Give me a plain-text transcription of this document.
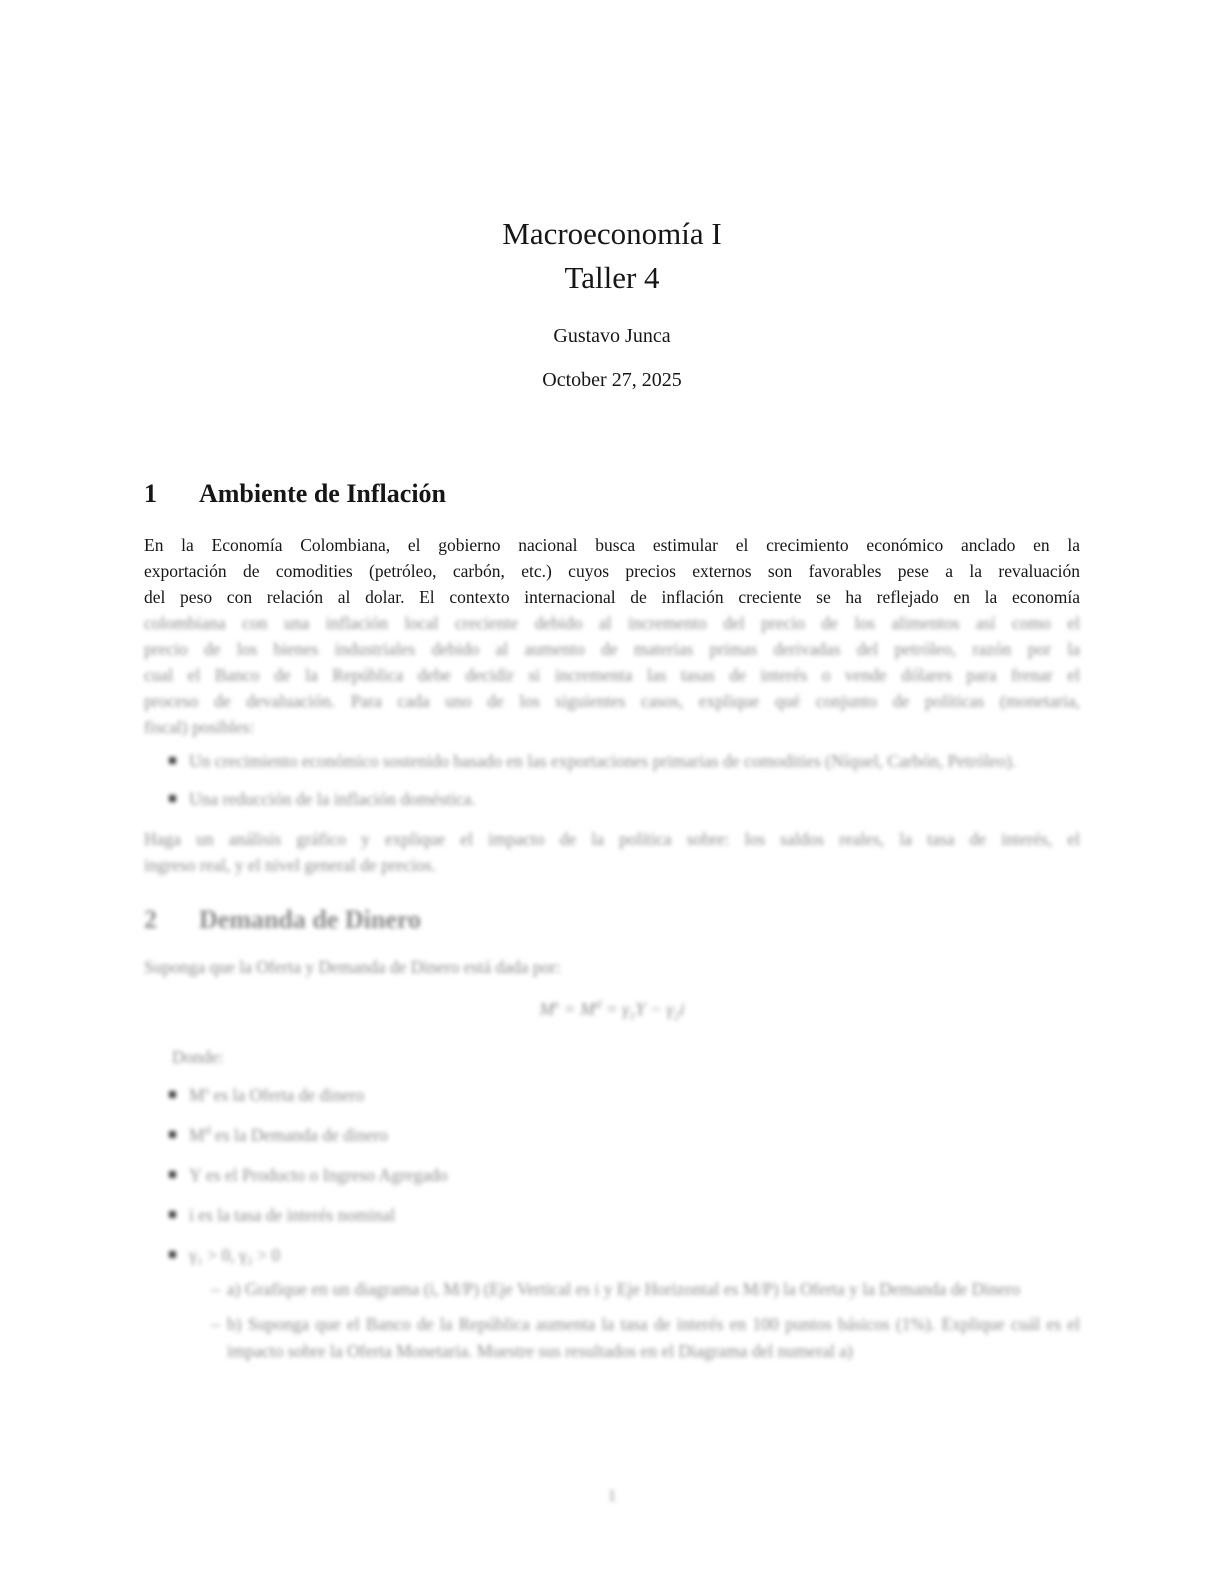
Macroeconomía I
Taller 4
Gustavo Junca
October 27, 2025
1 Ambiente de Inflación
En la Economía Colombiana, el gobierno nacional busca estimular el crecimiento económico anclado en la
exportación de comodities (petróleo, carbón, etc.) cuyos precios externos son favorables pese a la revaluación
del peso con relación al dolar. El contexto internacional de inflación creciente se ha reflejado en la economía
colombiana con una inflación local creciente debido al incremento del precio de los alimentos así como el
precio de los bienes industriales debido al aumento de materias primas derivadas del petróleo, razón por la
cual el Banco de la República debe decidir si incrementa las tasas de interés o vende dólares para frenar el
proceso de devaluación. Para cada uno de los siguientes casos, explique qué conjunto de políticas (monetaria,
fiscal) posibles:
Un crecimiento económico sostenido basado en las exportaciones primarias de comodities (Níquel, Carbón, Petróleo).
Una reducción de la inflación doméstica.
Haga un análisis gráfico y explique el impacto de la política sobre: los saldos reales, la tasa de interés, el
ingreso real, y el nivel general de precios.
2 Demanda de Dinero
Suponga que la Oferta y Demanda de Dinero está dada por:
$M^s = M^d = \gamma_1Y - \gamma_2i$
Donde:
$M^s$ es la Oferta de dinero
$M^d$ es la Demanda de dinero
Y es el Producto o Ingreso Agregado
i es la tasa de interés nominal
γ₁ > 0, γ₂ > 0
– a) Grafique en un diagrama (i, M/P) (Eje Vertical es i y Eje Horizontal es M/P) la Oferta y la Demanda de Dinero
– b) Suponga que el Banco de la República aumenta la tasa de interés en 100 puntos básicos (1%). Explique cuál es el impacto sobre la Oferta Monetaria. Muestre sus resultados en el Diagrama del numeral a)
1
